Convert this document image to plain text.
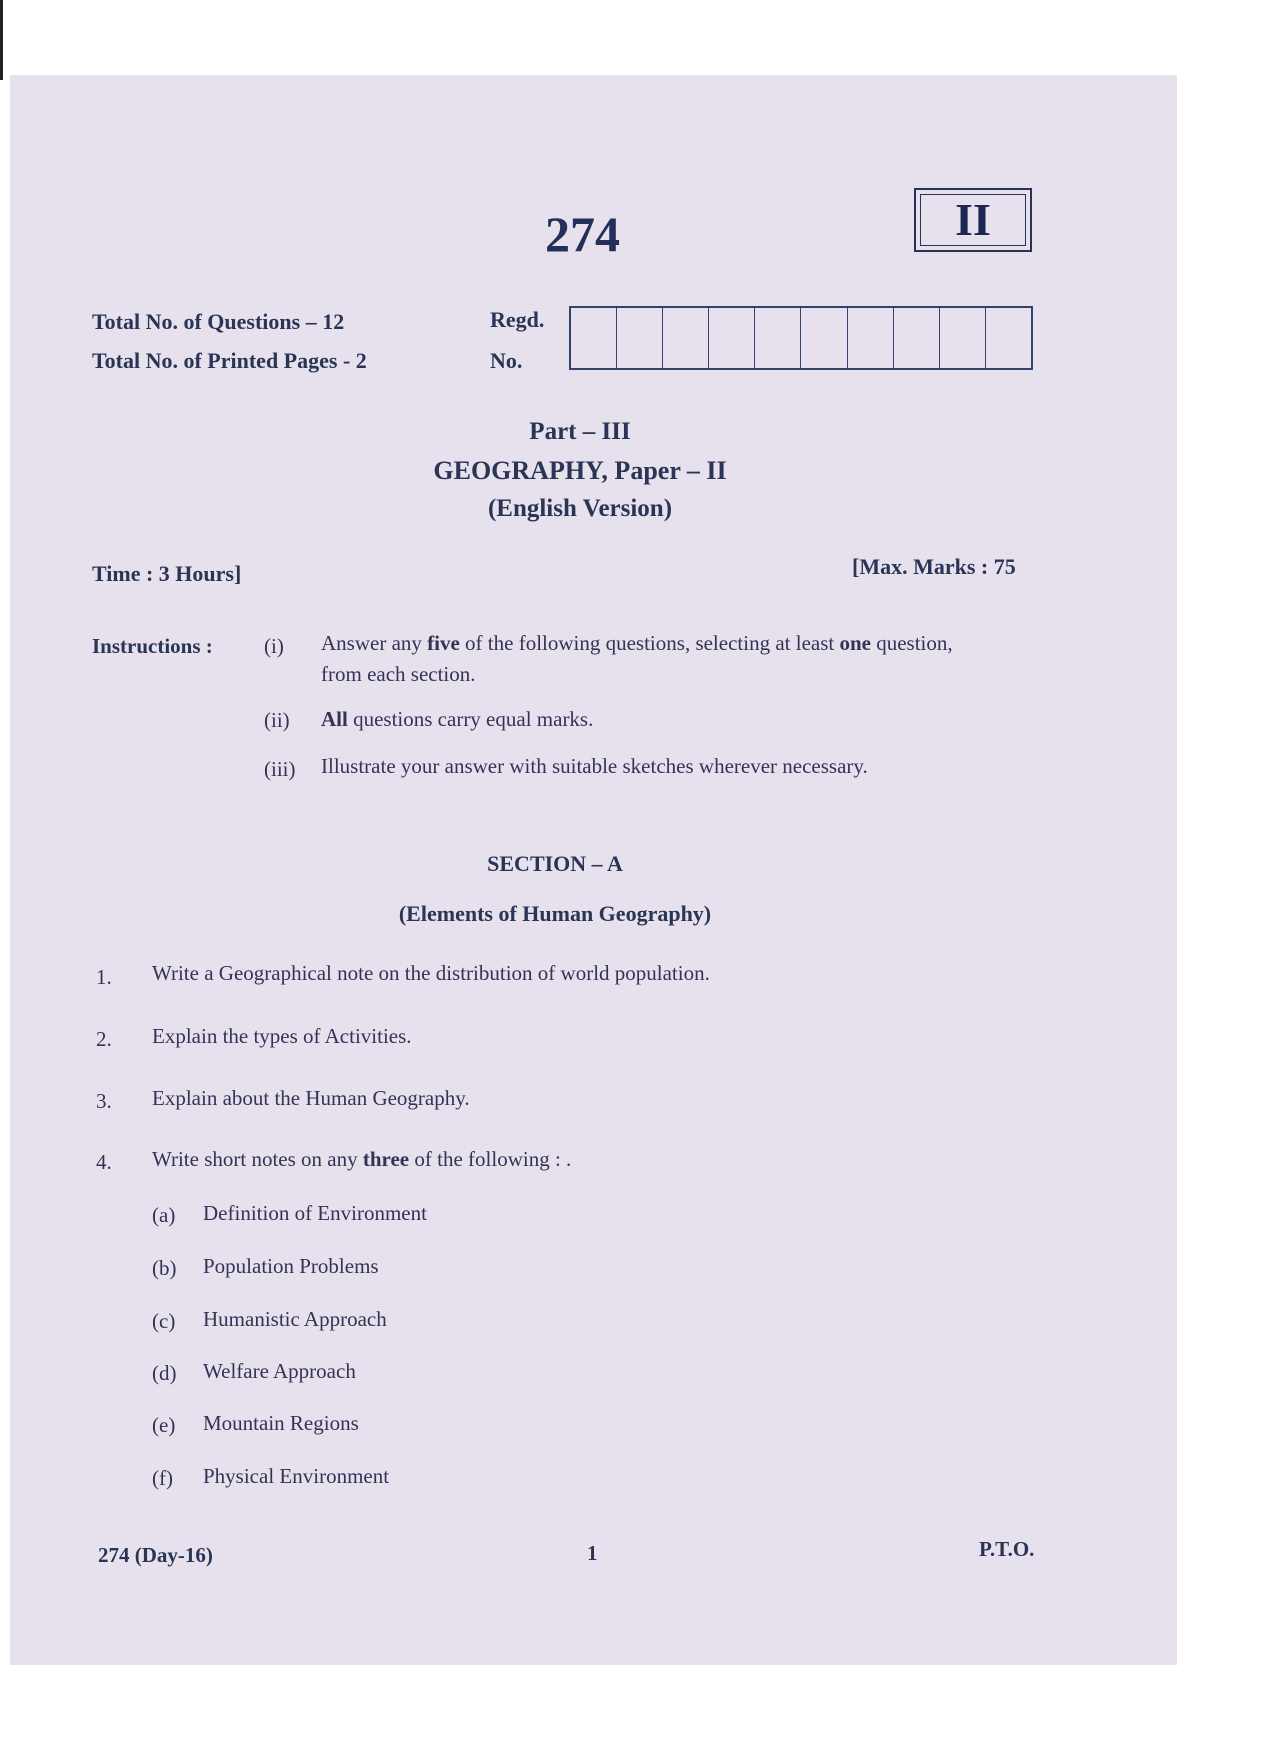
274	II
Total No. of Questions – 12
Total No. of Printed Pages - 2
Regd.
No.
Part – III
GEOGRAPHY, Paper – II
(English Version)
Time : 3 Hours]	[Max. Marks : 75
Instructions : (i) Answer any five of the following questions, selecting at least one question,
from each section.
(ii) All questions carry equal marks.
(iii) Illustrate your answer with suitable sketches wherever necessary.
SECTION – A
(Elements of Human Geography)
1. Write a Geographical note on the distribution of world population.
2. Explain the types of Activities.
3. Explain about the Human Geography.
4. Write short notes on any three of the following : .
(a) Definition of Environment
(b) Population Problems
(c) Humanistic Approach
(d) Welfare Approach
(e) Mountain Regions
(f) Physical Environment
274 (Day-16)	1	P.T.O.
